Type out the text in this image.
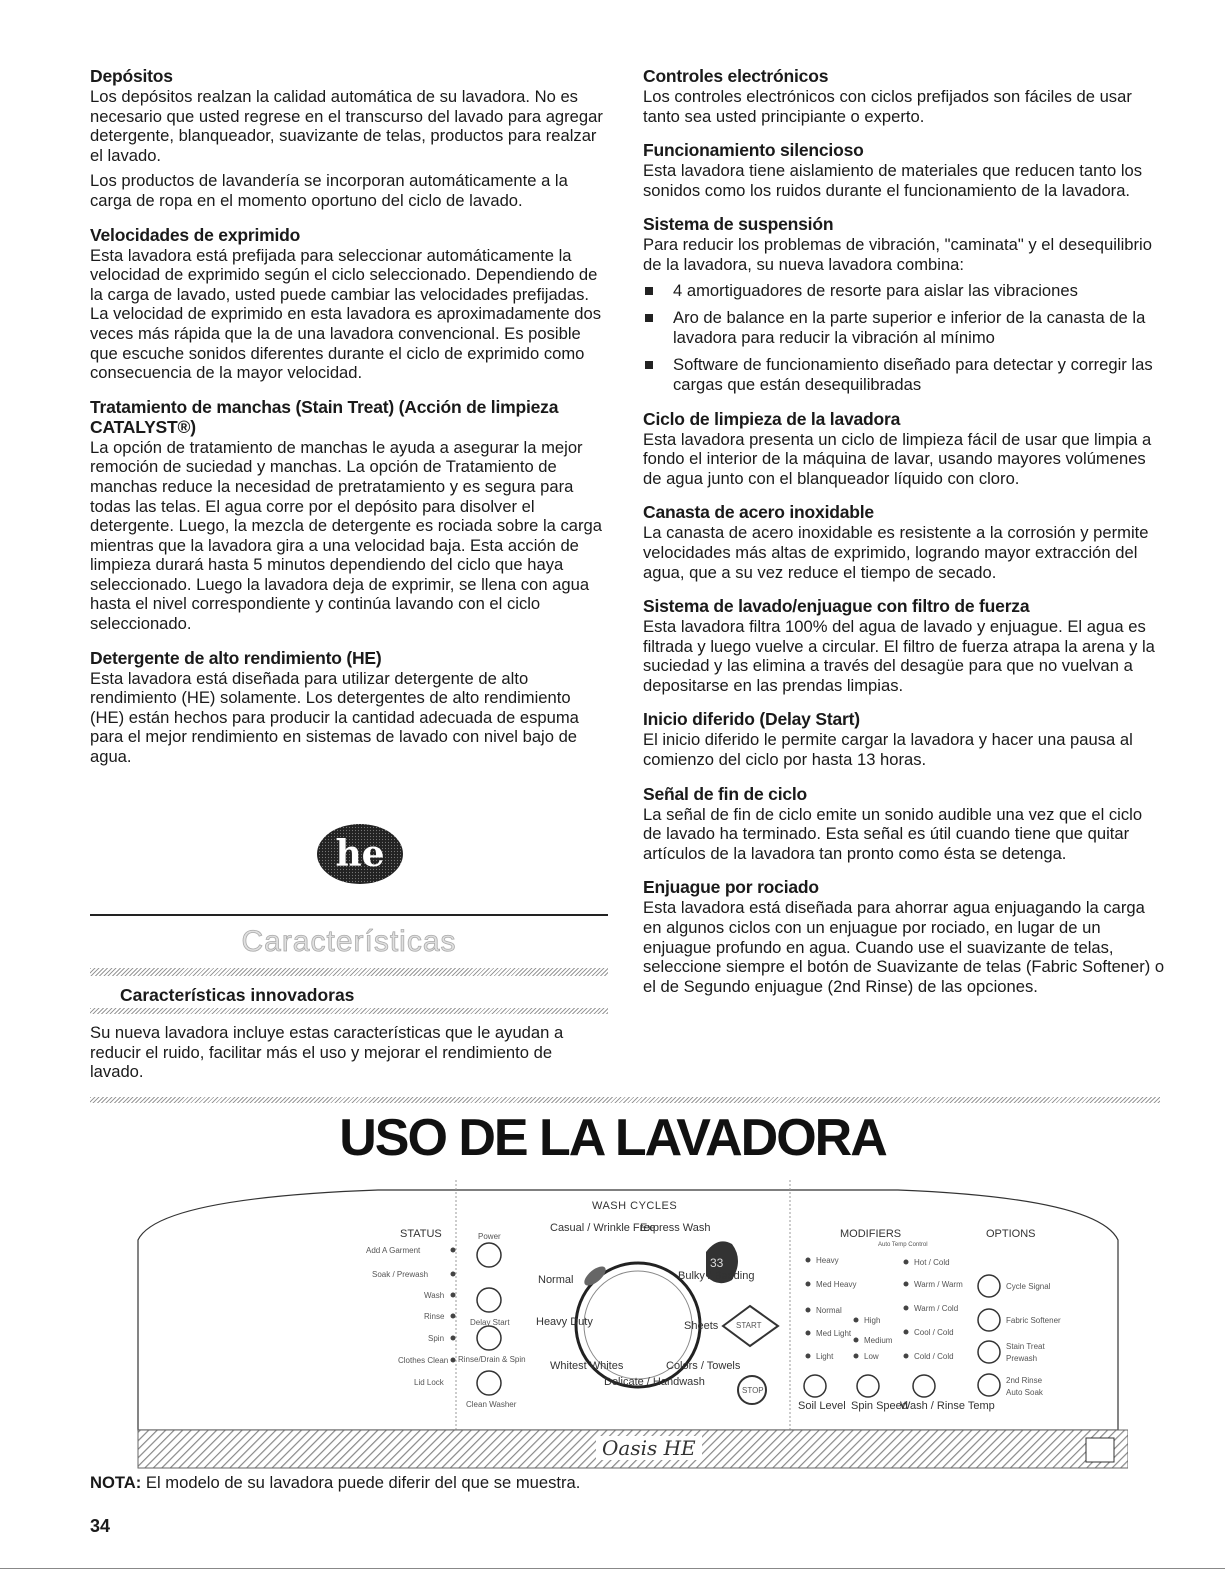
Depósitos

Los depósitos realzan la calidad automática de su lavadora. No es necesario que usted regrese en el transcurso del lavado para agregar detergente, blanqueador, suavizante de telas, productos para realzar el lavado.

Los productos de lavandería se incorporan automáticamente a la carga de ropa en el momento oportuno del ciclo de lavado.

Velocidades de exprimido

Esta lavadora está prefijada para seleccionar automáticamente la velocidad de exprimido según el ciclo seleccionado. Dependiendo de la carga de lavado, usted puede cambiar las velocidades prefijadas. La velocidad de exprimido en esta lavadora es aproximadamente dos veces más rápida que la de una lavadora convencional. Es posible que escuche sonidos diferentes durante el ciclo de exprimido como consecuencia de la mayor velocidad.

Tratamiento de manchas (Stain Treat) (Acción de limpieza CATALYST®)

La opción de tratamiento de manchas le ayuda a asegurar la mejor remoción de suciedad y manchas. La opción de Tratamiento de manchas reduce la necesidad de pretratamiento y es segura para todas las telas. El agua corre por el depósito para disolver el detergente. Luego, la mezcla de detergente es rociada sobre la carga mientras que la lavadora gira a una velocidad baja. Esta acción de limpieza durará hasta 5 minutos dependiendo del ciclo que haya seleccionado. Luego la lavadora deja de exprimir, se llena con agua hasta el nivel correspondiente y continúa lavando con el ciclo seleccionado.

Detergente de alto rendimiento (HE)

Esta lavadora está diseñada para utilizar detergente de alto rendimiento (HE) solamente. Los detergentes de alto rendimiento (HE) están hechos para producir la cantidad adecuada de espuma para el mejor rendimiento en sistemas de lavado con nivel bajo de agua.

he
Características
Características innovadoras
Su nueva lavadora incluye estas características que le ayudan a reducir el ruido, facilitar más el uso y mejorar el rendimiento de lavado.
Controles electrónicos

Los controles electrónicos con ciclos prefijados son fáciles de usar tanto sea usted principiante o experto.

Funcionamiento silencioso

Esta lavadora tiene aislamiento de materiales que reducen tanto los sonidos como los ruidos durante el funcionamiento de la lavadora.

Sistema de suspensión

Para reducir los problemas de vibración, "caminata" y el desequilibrio de la lavadora, su nueva lavadora combina:

4 amortiguadores de resorte para aislar las vibraciones
Aro de balance en la parte superior e inferior de la canasta de la lavadora para reducir la vibración al mínimo
Software de funcionamiento diseñado para detectar y corregir las cargas que están desequilibradas
Ciclo de limpieza de la lavadora

Esta lavadora presenta un ciclo de limpieza fácil de usar que limpia a fondo el interior de la máquina de lavar, usando mayores volúmenes de agua junto con el blanqueador líquido con cloro.

Canasta de acero inoxidable

La canasta de acero inoxidable es resistente a la corrosión y permite velocidades más altas de exprimido, logrando mayor extracción del agua, que a su vez reduce el tiempo de secado.

Sistema de lavado/enjuague con filtro de fuerza

Esta lavadora filtra 100% del agua de lavado y enjuague. El agua es filtrada y luego vuelve a circular. El filtro de fuerza atrapa la arena y la suciedad y las elimina a través del desagüe para que no vuelvan a depositarse en las prendas limpias.

Inicio diferido (Delay Start)

El inicio diferido le permite cargar la lavadora y hacer una pausa al comienzo del ciclo por hasta 13 horas.

Señal de fin de ciclo

La señal de fin de ciclo emite un sonido audible una vez que el ciclo de lavado ha terminado. Esta señal es útil cuando tiene que quitar artículos de la lavadora tan pronto como ésta se detenga.

Enjuague por rociado

Esta lavadora está diseñada para ahorrar agua enjuagando la carga en algunos ciclos con un enjuague por rociado, en lugar de un enjuague profundo en agua. Cuando use el suavizante de telas, seleccione siempre el botón de Suavizante de telas (Fabric Softener) o el de Segundo enjuague (2nd Rinse) de las opciones.

USO DE LA LAVADORA
STATUS
Add A Garment
Soak / Prewash
Wash
Rinse
Spin
Clothes Clean
Lid Lock
Power
Delay Start
Rinse/Drain & Spin
Clean Washer
WASH CYCLES
Casual / Wrinkle Free
Express Wash
Bulky / Bedding
Sheets
Colors / Towels
Delicate / Handwash
Whitest Whites
Heavy Duty
Normal
33
START
STOP
MODIFIERS
Auto Temp Control
Heavy
Med Heavy
Normal
Med Light
Light
High
Medium
Low
Hot / Cold
Warm / Warm
Warm / Cold
Cool / Cold
Cold / Cold
Soil Level Spin Speed
Wash / Rinse Temp
OPTIONS
Cycle Signal
Fabric Softener
Stain Treat
Prewash
2nd Rinse
Auto Soak
Oasis HE
NOTA: El modelo de su lavadora puede diferir del que se muestra.
34
